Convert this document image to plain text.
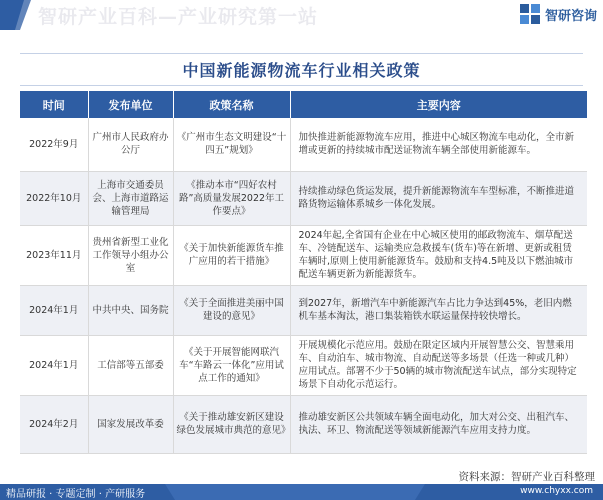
智研产业百科—产业研究第一站	智研咨询
中国新能源物流车行业相关政策
时间	发布单位	政策名称	主要内容
2022年9月	广州市人民政府办公厅	《广州市生态文明建设“十四五”规划》	加快推进新能源物流车应用，推进中心城区物流车电动化，全市新增或更新的持续城市配送证物流车辆全部使用新能源车。
2022年10月	上海市交通委员会、上海市道路运输管理局	《推动本市“四好农村路”高质量发展2022年工作要点》	持续推动绿色货运发展，提升新能源物流车车型标准，不断推进道路货物运输体系城乡一体化发展。
2023年11月	贵州省新型工业化工作领导小组办公室	《关于加快新能源货车推广应用的若干措施》	2024年起,全省国有企业在中心城区使用的邮政物流车、烟草配送车、冷链配送车、运输类应急救援车(货车)等在新增、更新或租赁车辆时,原则上使用新能源货车。鼓励和支持4.5吨及以下燃油城市配送车辆更新为新能源货车。
2024年1月	中共中央、国务院	《关于全面推进美丽中国建设的意见》	到2027年，新增汽车中新能源汽车占比力争达到45%，老旧内燃机车基本淘汰，港口集装箱铁水联运量保持较快增长。
2024年1月	工信部等五部委	《关于开展智能网联汽车“车路云一体化”应用试点工作的通知》	开展规模化示范应用。鼓励在限定区域内开展智慧公交、智慧乘用车、自动泊车、城市物流、自动配送等多场景（任选一种或几种）应用试点。部署不少于50辆的城市物流配送车试点，部分实现特定场景下自动化示范运行。
2024年2月	国家发展改革委	《关于推动雄安新区建设绿色发展城市典范的意见》	推动雄安新区公共领域车辆全面电动化，加大对公交、出租汽车、执法、环卫、物流配送等领域新能源汽车应用支持力度。
资料来源：智研产业百科整理
精品研报 · 专题定制 · 产研服务	www.chyxx.com
